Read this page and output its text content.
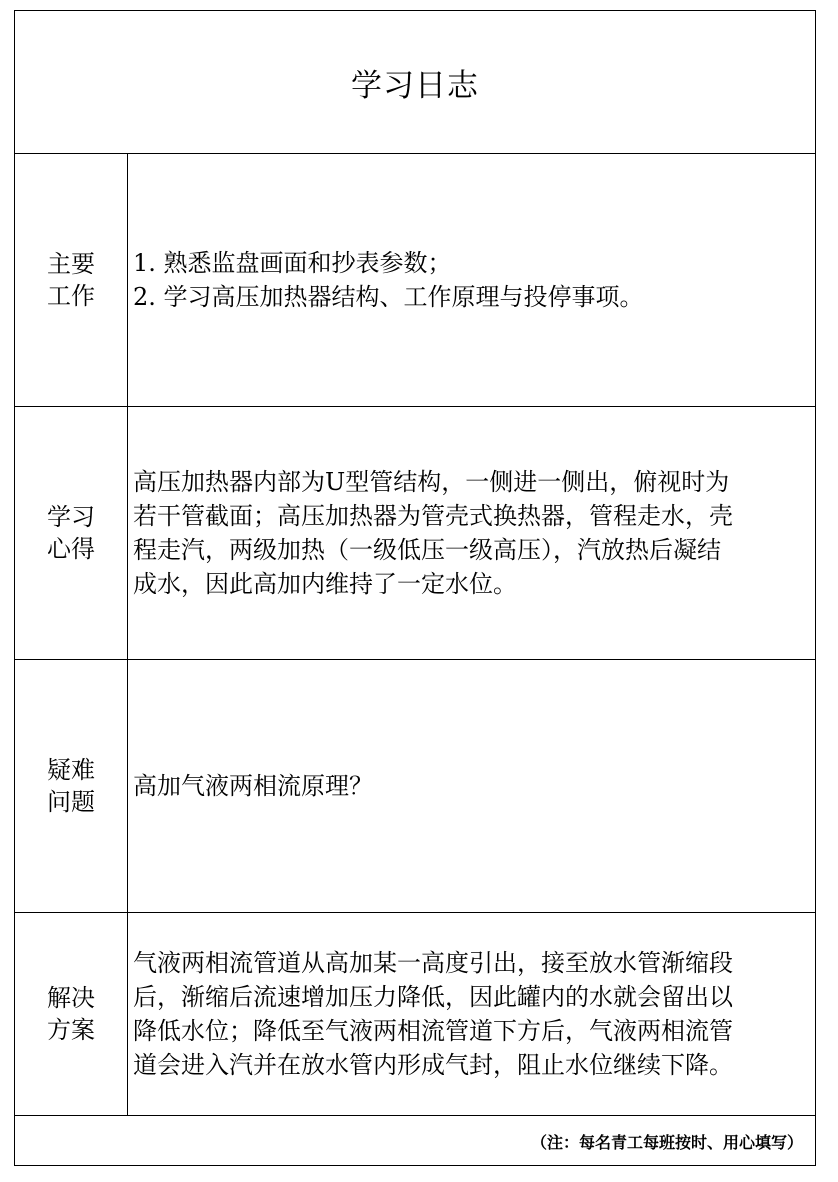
学习日志
主要工作
1. 熟悉监盘画面和抄表参数；
2. 学习高压加热器结构、工作原理与投停事项。
学习心得
高压加热器内部为U型管结构，一侧进一侧出，俯视时为
若干管截面；高压加热器为管壳式换热器，管程走水，壳
程走汽，两级加热（一级低压一级高压），汽放热后凝结
成水，因此高加内维持了一定水位。
疑难问题
高加气液两相流原理？
解决方案
气液两相流管道从高加某一高度引出，接至放水管渐缩段
后，渐缩后流速增加压力降低，因此罐内的水就会留出以
降低水位；降低至气液两相流管道下方后，气液两相流管
道会进入汽并在放水管内形成气封，阻止水位继续下降。
（注：每名青工每班按时、用心填写）
